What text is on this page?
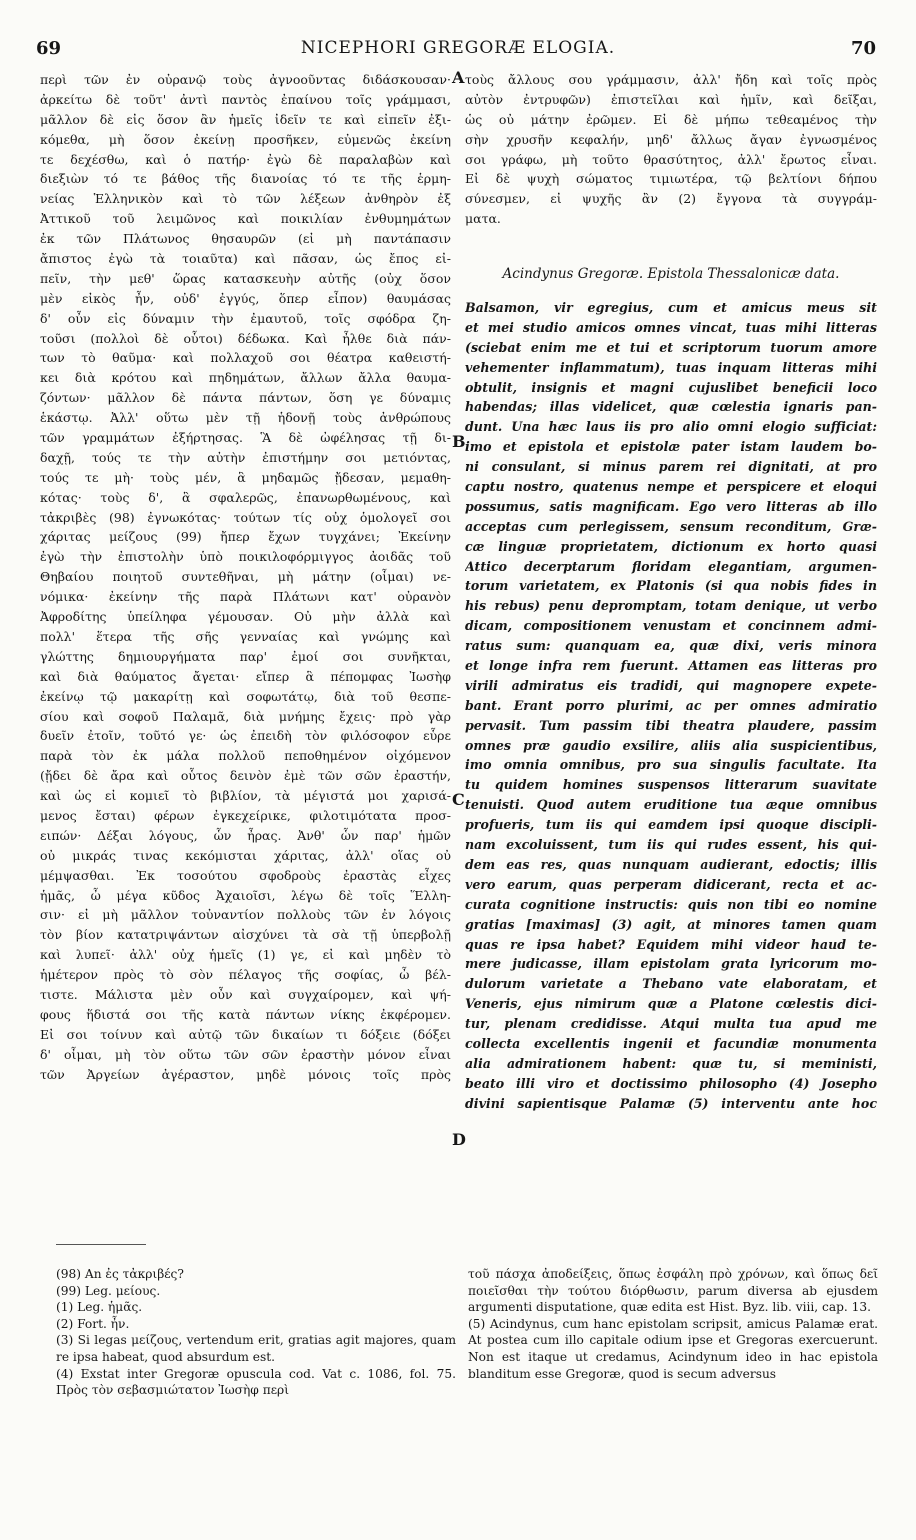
69	NICEPHORI GREGORÆ ELOGIA.	70
περὶ τῶν ἐν οὐρανῷ τοὺς ἀγνοοῦντας διδάσκουσαν·
ἀρκείτω δὲ τοῦτ' ἀντὶ παντὸς ἐπαίνου τοῖς γράμμασι,
μᾶλλον δὲ εἰς ὅσον ἂν ἡμεῖς ἰδεῖν τε καὶ εἰπεῖν ἐξι-
κόμεθα, μὴ ὅσον ἐκείνῃ προσῆκεν, εὐμενῶς ἐκείνη
τε δεχέσθω, καὶ ὁ πατήρ· ἐγὼ δὲ παραλαβὼν καὶ
διεξιὼν τό τε βάθος τῆς διανοίας τό τε τῆς ἑρμη-
νείας Ἑλληνικὸν καὶ τὸ τῶν λέξεων ἀνθηρὸν ἐξ
Ἀττικοῦ τοῦ λειμῶνος καὶ ποικιλίαν ἐνθυμημάτων
ἐκ τῶν Πλάτωνος θησαυρῶν (εἰ μὴ παντάπασιν
ἄπιστος ἐγὼ τὰ τοιαῦτα) καὶ πᾶσαν, ὡς ἔπος εἰ-
πεῖν, τὴν μεθ' ὥρας κατασκευὴν αὐτῆς (οὐχ ὅσον
μὲν εἰκὸς ἦν, οὐδ' ἐγγύς, ὅπερ εἶπον) θαυμάσας
δ' οὖν εἰς δύναμιν τὴν ἐμαυτοῦ, τοῖς σφόδρα ζη-
τοῦσι (πολλοὶ δὲ οὗτοι) δέδωκα. Καὶ ἦλθε διὰ πάν-
των τὸ θαῦμα· καὶ πολλαχοῦ σοι θέατρα καθειστή-
κει διὰ κρότου καὶ πηδημάτων, ἄλλων ἄλλα θαυμα-
ζόντων· μᾶλλον δὲ πάντα πάντων, ὅση γε δύναμις
ἑκάστῳ. Ἀλλ' οὕτω μὲν τῇ ἡδονῇ τοὺς ἀνθρώπους
τῶν γραμμάτων ἐξήρτησας. Ἃ δὲ ὠφέλησας τῇ δι-
δαχῇ, τούς τε τὴν αὐτὴν ἐπιστήμην σοι μετιόντας,
τούς τε μὴ· τοὺς μέν, ἃ μηδαμῶς ᾔδεσαν, μεμαθη-
κότας· τοὺς δ', ἃ σφαλερῶς, ἐπανωρθωμένους, καὶ
τἀκριβὲς (98) ἐγνωκότας· τούτων τίς οὐχ ὁμολογεῖ σοι
χάριτας μείζους (99) ἤπερ ἔχων τυγχάνει; Ἐκείνην
ἐγὼ τὴν ἐπιστολὴν ὑπὸ ποικιλοφόρμιγγος ἀοιδᾶς τοῦ
Θηβαίου ποιητοῦ συντεθῆναι, μὴ μάτην (οἶμαι) νε-
νόμικα· ἐκείνην τῆς παρὰ Πλάτωνι κατ' οὐρανὸν
Ἀφροδίτης ὑπείληφα γέμουσαν. Οὐ μὴν ἀλλὰ καὶ
πολλ' ἕτερα τῆς σῆς γενναίας καὶ γνώμης καὶ
γλώττης δημιουργήματα παρ' ἐμοί σοι συνῆκται,
καὶ διὰ θαύματος ἄγεται· εἴπερ ἃ πέπομφας Ἰωσὴφ
ἐκείνῳ τῷ μακαρίτῃ καὶ σοφωτάτῳ, διὰ τοῦ θεσπε-
σίου καὶ σοφοῦ Παλαμᾶ, διὰ μνήμης ἔχεις· πρὸ γὰρ
δυεῖν ἐτοῖν, τοῦτό γε· ὡς ἐπειδὴ τὸν φιλόσοφον εὗρε
παρὰ τὸν ἐκ μάλα πολλοῦ πεποθημένον οἰχόμενον
(ᾔδει δὲ ἄρα καὶ οὗτος δεινὸν ἐμὲ τῶν σῶν ἐραστήν,
καὶ ὡς εἰ κομιεῖ τὸ βιβλίον, τὰ μέγιστά μοι χαρισά-
μενος ἔσται) φέρων ἐγκεχείρικε, φιλοτιμότατα προσ-
ειπών· Δέξαι λόγους, ὧν ἦρας. Ἀνθ' ὧν παρ' ἡμῶν
οὐ μικράς τινας κεκόμισται χάριτας, ἀλλ' οἵας οὐ
μέμψασθαι. Ἐκ τοσούτου σφοδροὺς ἐραστὰς εἶχες
ἡμᾶς, ὦ μέγα κῦδος Ἀχαιοῖσι, λέγω δὲ τοῖς Ἕλλη-
σιν· εἰ μὴ μᾶλλον τοὐναντίον πολλοὺς τῶν ἐν λόγοις
τὸν βίον κατατριψάντων αἰσχύνει τὰ σὰ τῇ ὑπερβολῇ
καὶ λυπεῖ· ἀλλ' οὐχ ἡμεῖς (1) γε, εἰ καὶ μηδὲν τὸ
ἡμέτερον πρὸς τὸ σὸν πέλαγος τῆς σοφίας, ὦ βέλ-
τιστε. Μάλιστα μὲν οὖν καὶ συγχαίρομεν, καὶ ψή-
φους ἥδιστά σοι τῆς κατὰ πάντων νίκης ἐκφέρομεν.
Εἰ σοι τοίνυν καὶ αὐτῷ τῶν δικαίων τι δόξειε (δόξει
δ' οἶμαι, μὴ τὸν οὕτω τῶν σῶν ἐραστὴν μόνον εἶναι
τῶν Ἀργείων ἀγέραστον, μηδὲ μόνοις τοῖς πρὸς
τοὺς ἄλλους σου γράμμασιν, ἀλλ' ἤδη καὶ τοῖς πρὸς
αὐτὸν ἐντρυφῶν) ἐπιστεῖλαι καὶ ἡμῖν, καὶ δεῖξαι,
ὡς οὐ μάτην ἐρῶμεν. Εἰ δὲ μήπω τεθεαμένος τὴν
σὴν χρυσῆν κεφαλήν, μηδ' ἄλλως ἄγαν ἐγνωσμένος
σοι γράφω, μὴ τοῦτο θρασύτητος, ἀλλ' ἔρωτος εἶναι.
Εἰ δὲ ψυχὴ σώματος τιμιωτέρα, τῷ βελτίονι δήπου
σύνεσμεν, εἰ ψυχῆς ἂν (2) ἔγγονα τὰ συγγράμ-
ματα.
Acindynus Gregoræ. Epistola Thessalonicæ data.
Balsamon, vir egregius, cum et amicus meus sit
et mei studio amicos omnes vincat, tuas mihi litteras
(sciebat enim me et tui et scriptorum tuorum amore
vehementer inflammatum), tuas inquam litteras mihi
obtulit, insignis et magni cujuslibet beneficii loco
habendas; illas videlicet, quæ cœlestia ignaris pan-
dunt. Una hæc laus iis pro alio omni elogio sufficiat:
imo et epistola et epistolæ pater istam laudem bo-
ni consulant, si minus parem rei dignitati, at pro
captu nostro, quatenus nempe et perspicere et eloqui
possumus, satis magnificam. Ego vero litteras ab illo
acceptas cum perlegissem, sensum reconditum, Græ-
cæ linguæ proprietatem, dictionum ex horto quasi
Attico decerptarum floridam elegantiam, argumen-
torum varietatem, ex Platonis (si qua nobis fides in
his rebus) penu depromptam, totam denique, ut verbo
dicam, compositionem venustam et concinnem admi-
ratus sum: quanquam ea, quæ dixi, veris minora
et longe infra rem fuerunt. Attamen eas litteras pro
virili admiratus eis tradidi, qui magnopere expete-
bant. Erant porro plurimi, ac per omnes admiratio
pervasit. Tum passim tibi theatra plaudere, passim
omnes præ gaudio exsilire, aliis alia suspicientibus,
imo omnia omnibus, pro sua singulis facultate. Ita
tu quidem homines suspensos litterarum suavitate
tenuisti. Quod autem eruditione tua æque omnibus
profueris, tum iis qui eamdem ipsi quoque discipli-
nam excoluissent, tum iis qui rudes essent, his qui-
dem eas res, quas nunquam audierant, edoctis; illis
vero earum, quas perperam didicerant, recta et ac-
curata cognitione instructis: quis non tibi eo nomine
gratias [maximas] (3) agit, at minores tamen quam
quas re ipsa habet? Equidem mihi videor haud te-
mere judicasse, illam epistolam grata lyricorum mo-
dulorum varietate a Thebano vate elaboratam, et
Veneris, ejus nimirum quæ a Platone cœlestis dici-
tur, plenam credidisse. Atqui multa tua apud me
collecta excellentis ingenii et facundiæ monumenta
alia admirationem habent: quæ tu, si meministi,
beato illi viro et doctissimo philosopho (4) Josepho
divini sapientisque Palamæ (5) interventu ante hoc
A
B
C
D

(98) An ἐς τἀκριβές?

(99) Leg. μείους.

(1) Leg. ἡμᾶς.

(2) Fort. ἦν.

(3) Si legas μείζους, vertendum erit, gratias agit majores, quam re ipsa habeat, quod absurdum est.

(4) Exstat inter Gregoræ opuscula cod. Vat c. 1086, fol. 75. Πρὸς τὸν σεβασμιώτατον Ἰωσὴφ περὶ

τοῦ πάσχα ἀποδείξεις, ὅπως ἐσφάλη πρὸ χρόνων, καὶ ὅπως δεῖ ποιεῖσθαι τὴν τούτου διόρθωσιν, parum diversa ab ejusdem argumenti disputatione, quæ edita est Hist. Byz. lib. viii, cap. 13.

(5) Acindynus, cum hanc epistolam scripsit, amicus Palamæ erat. At postea cum illo capitale odium ipse et Gregoras exercuerunt. Non est itaque ut credamus, Acindynum ideo in hac epistola blanditum esse Gregoræ, quod is secum adversus
